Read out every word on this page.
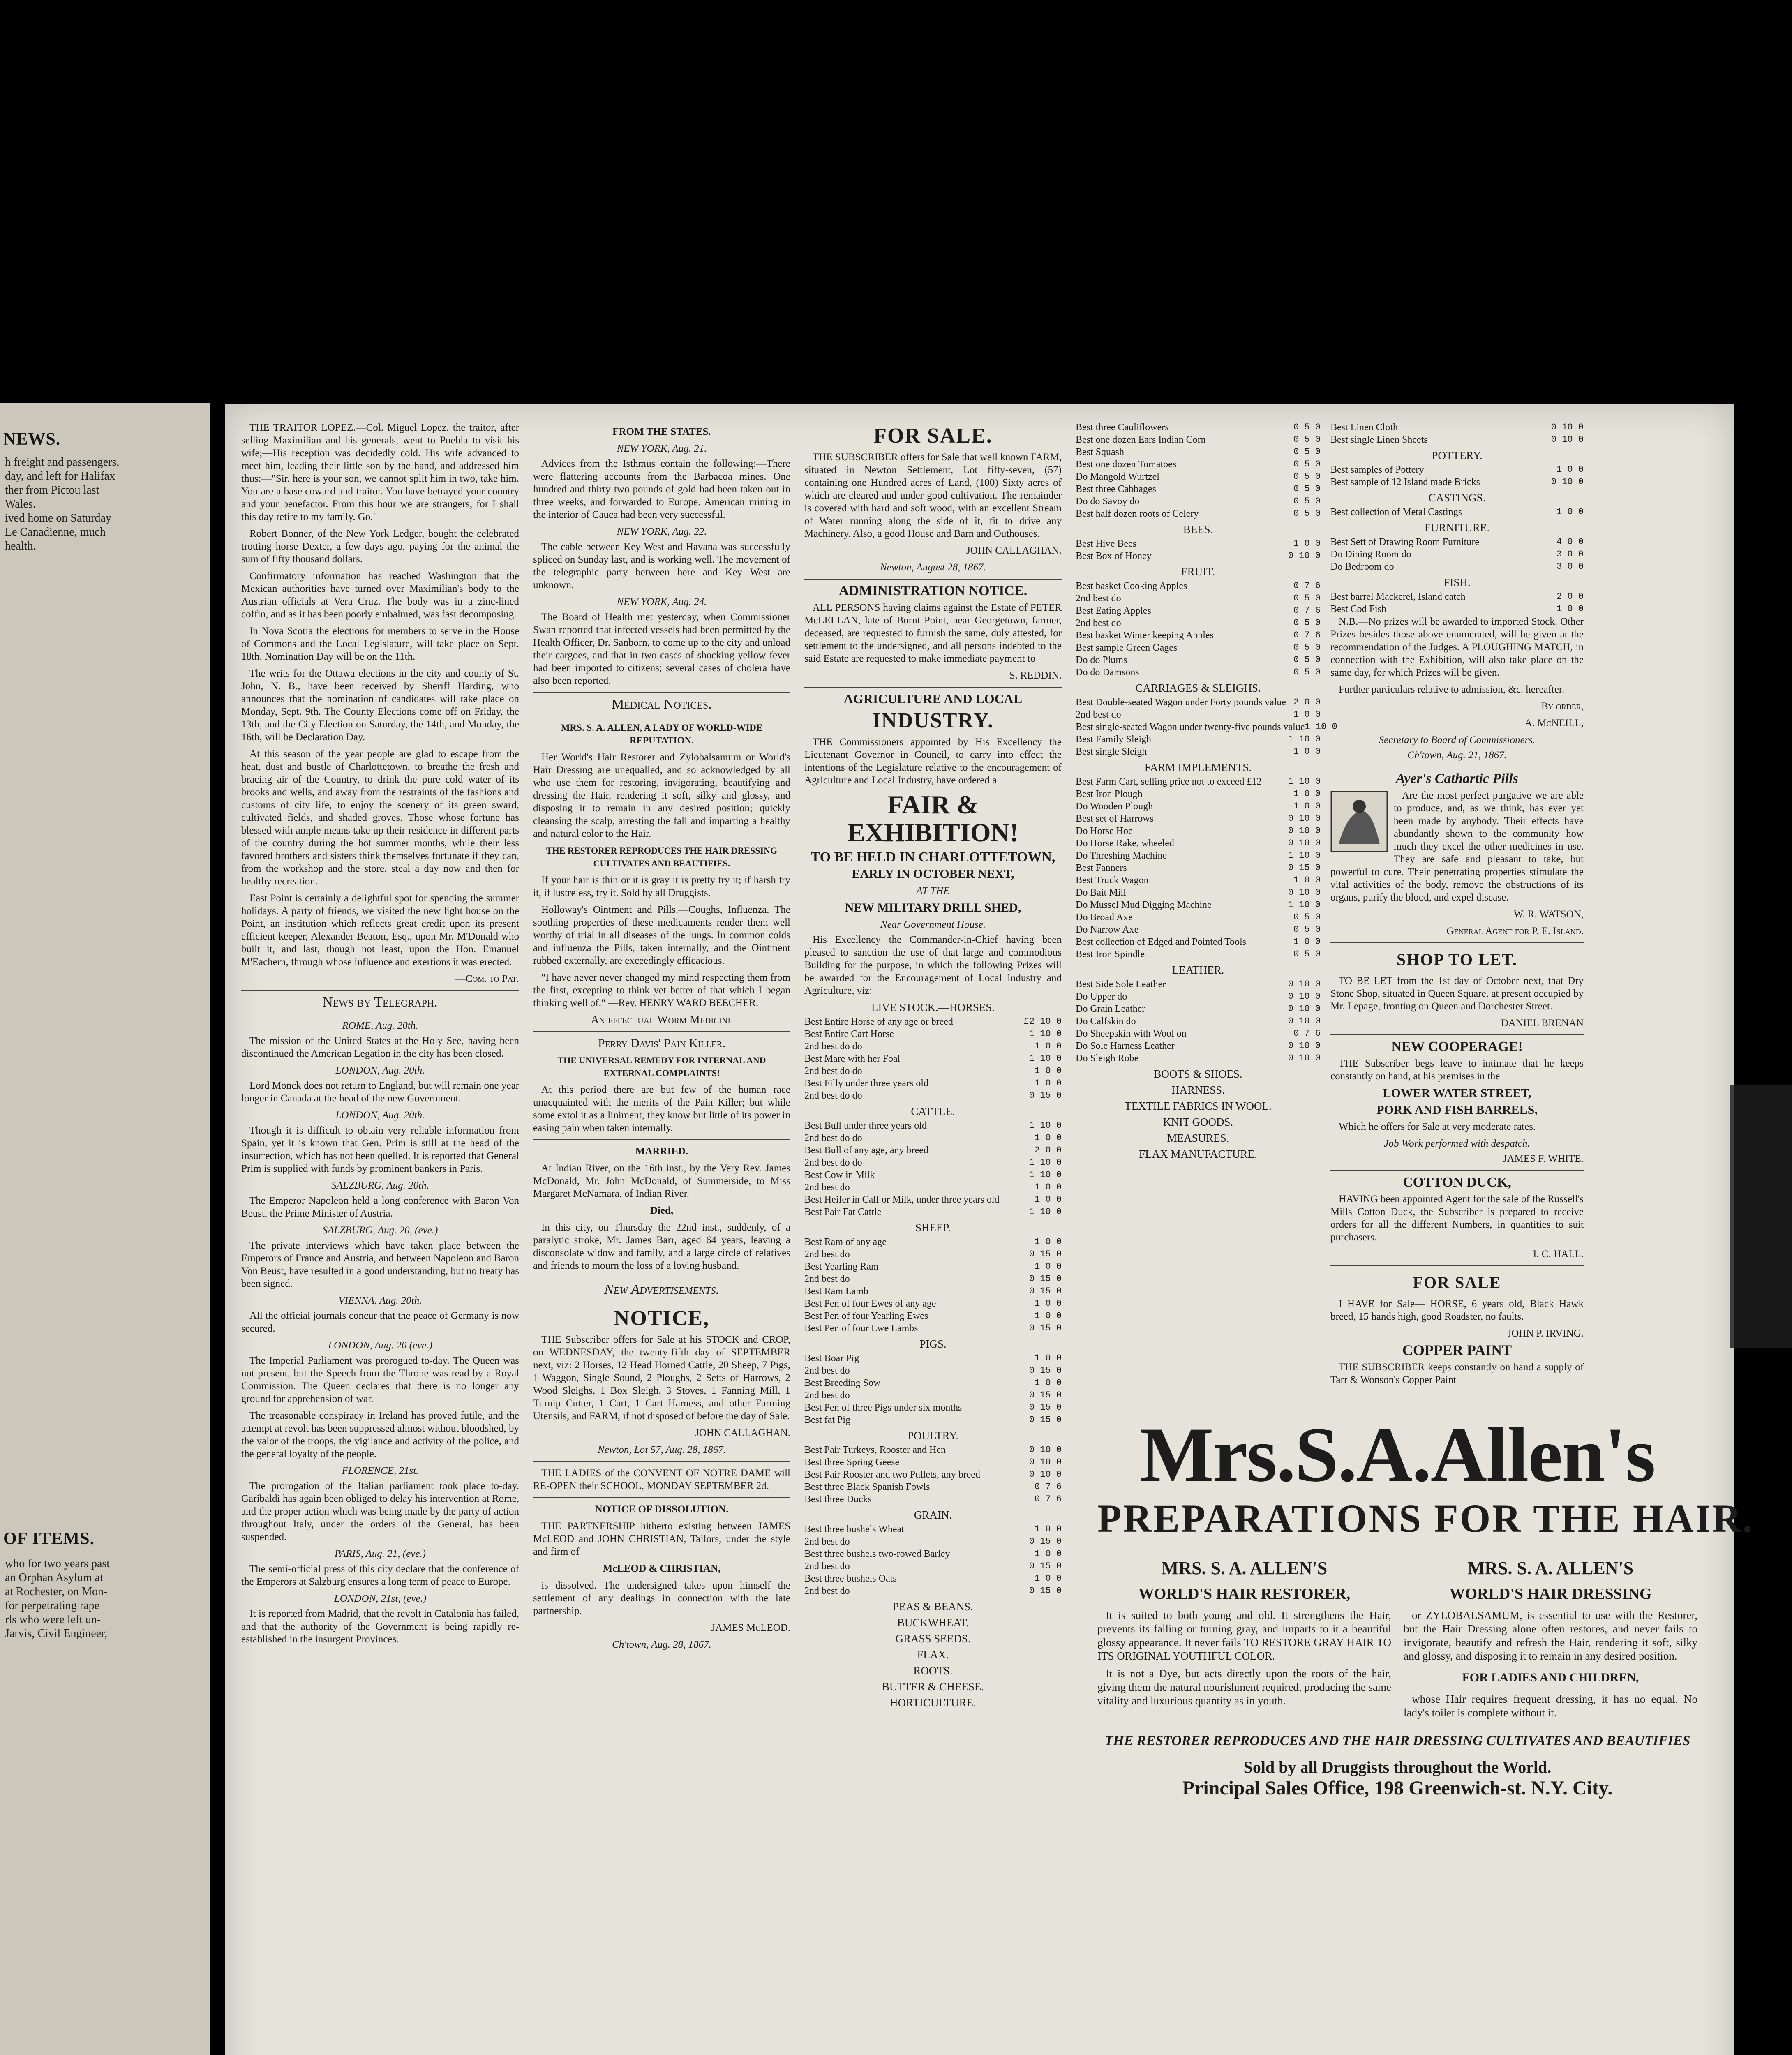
NEWS.
h freight and passengers,
day, and left for Halifax
ther from Pictou last
Wales.
ived home on Saturday
Le Canadienne, much
health.
OF ITEMS.
who for two years past
an Orphan Asylum at
at Rochester, on Mon-
for perpetrating rape
rls who were left un-
Jarvis, Civil Engineer,

THE TRAITOR LOPEZ.—Col. Miguel Lopez, the traitor, after selling Maximilian and his generals, went to Puebla to visit his wife;—His reception was decidedly cold. His wife advanced to meet him, leading their little son by the hand, and addressed him thus:—"Sir, here is your son, we cannot split him in two, take him. You are a base coward and traitor. You have betrayed your country and your benefactor. From this hour we are strangers, for I shall this day retire to my family. Go."

Robert Bonner, of the New York Ledger, bought the celebrated trotting horse Dexter, a few days ago, paying for the animal the sum of fifty thousand dollars.

Confirmatory information has reached Washington that the Mexican authorities have turned over Maximilian's body to the Austrian officials at Vera Cruz. The body was in a zinc-lined coffin, and as it has been poorly embalmed, was fast decomposing.

In Nova Scotia the elections for members to serve in the House of Commons and the Local Legislature, will take place on Sept. 18th. Nomination Day will be on the 11th.

The writs for the Ottawa elections in the city and county of St. John, N. B., have been received by Sheriff Harding, who announces that the nomination of candidates will take place on Monday, Sept. 9th. The County Elections come off on Friday, the 13th, and the City Election on Saturday, the 14th, and Monday, the 16th, will be Declaration Day.

At this season of the year people are glad to escape from the heat, dust and bustle of Charlottetown, to breathe the fresh and bracing air of the Country, to drink the pure cold water of its brooks and wells, and away from the restraints of the fashions and customs of city life, to enjoy the scenery of its green sward, cultivated fields, and shaded groves. Those whose fortune has blessed with ample means take up their residence in different parts of the country during the hot summer months, while their less favored brothers and sisters think themselves fortunate if they can, from the workshop and the store, steal a day now and then for healthy recreation.

East Point is certainly a delightful spot for spending the summer holidays. A party of friends, we visited the new light house on the Point, an institution which reflects great credit upon its present efficient keeper, Alexander Beaton, Esq., upon Mr. M'Donald who built it, and last, though not least, upon the Hon. Emanuel M'Eachern, through whose influence and exertions it was erected.

—Com. to Pat.
News by Telegraph.
ROME, Aug. 20th.

The mission of the United States at the Holy See, having been discontinued the American Legation in the city has been closed.

LONDON, Aug. 20th.

Lord Monck does not return to England, but will remain one year longer in Canada at the head of the new Government.

LONDON, Aug. 20th.

Though it is difficult to obtain very reliable information from Spain, yet it is known that Gen. Prim is still at the head of the insurrection, which has not been quelled. It is reported that General Prim is supplied with funds by prominent bankers in Paris.

SALZBURG, Aug. 20th.

The Emperor Napoleon held a long conference with Baron Von Beust, the Prime Minister of Austria.

SALZBURG, Aug. 20, (eve.)

The private interviews which have taken place between the Emperors of France and Austria, and between Napoleon and Baron Von Beust, have resulted in a good understanding, but no treaty has been signed.

VIENNA, Aug. 20th.

All the official journals concur that the peace of Germany is now secured.

LONDON, Aug. 20 (eve.)

The Imperial Parliament was prorogued to-day. The Queen was not present, but the Speech from the Throne was read by a Royal Commission. The Queen declares that there is no longer any ground for apprehension of war.

The treasonable conspiracy in Ireland has proved futile, and the attempt at revolt has been suppressed almost without bloodshed, by the valor of the troops, the vigilance and activity of the police, and the general loyalty of the people.

FLORENCE, 21st.

The prorogation of the Italian parliament took place to-day. Garibaldi has again been obliged to delay his intervention at Rome, and the proper action which was being made by the party of action throughout Italy, under the orders of the General, has been suspended.

PARIS, Aug. 21, (eve.)

The semi-official press of this city declare that the conference of the Emperors at Salzburg ensures a long term of peace to Europe.

LONDON, 21st, (eve.)

It is reported from Madrid, that the revolt in Catalonia has failed, and that the authority of the Government is being rapidly re-established in the insurgent Provinces.

FROM THE STATES.
NEW YORK, Aug. 21.

Advices from the Isthmus contain the following:—There were flattering accounts from the Barbacoa mines. One hundred and thirty-two pounds of gold had been taken out in three weeks, and forwarded to Europe. American mining in the interior of Cauca had been very successful.

NEW YORK, Aug. 22.

The cable between Key West and Havana was successfully spliced on Sunday last, and is working well. The movement of the telegraphic party between here and Key West are unknown.

NEW YORK, Aug. 24.

The Board of Health met yesterday, when Commissioner Swan reported that infected vessels had been permitted by the Health Officer, Dr. Sanborn, to come up to the city and unload their cargoes, and that in two cases of shocking yellow fever had been imported to citizens; several cases of cholera have also been reported.

Medical Notices.
MRS. S. A. ALLEN, A LADY OF WORLD-WIDE REPUTATION.

Her World's Hair Restorer and Zylobalsamum or World's Hair Dressing are unequalled, and so acknowledged by all who use them for restoring, invigorating, beautifying and dressing the Hair, rendering it soft, silky and glossy, and disposing it to remain in any desired position; quickly cleansing the scalp, arresting the fall and imparting a healthy and natural color to the Hair.

THE RESTORER REPRODUCES THE HAIR DRESSING CULTIVATES AND BEAUTIFIES.

If your hair is thin or it is gray it is pretty try it; if harsh try it, if lustreless, try it. Sold by all Druggists.

Holloway's Ointment and Pills.—Coughs, Influenza. The soothing properties of these medicaments render them well worthy of trial in all diseases of the lungs. In common colds and influenza the Pills, taken internally, and the Ointment rubbed externally, are exceedingly efficacious.

"I have never never changed my mind respecting them from the first, excepting to think yet better of that which I began thinking well of." —Rev. HENRY WARD BEECHER.

An effectual Worm Medicine
Perry Davis' Pain Killer.
THE UNIVERSAL REMEDY FOR INTERNAL AND EXTERNAL COMPLAINTS!

At this period there are but few of the human race unacquainted with the merits of the Pain Killer; but while some extol it as a liniment, they know but little of its power in easing pain when taken internally.

MARRIED.

At Indian River, on the 16th inst., by the Very Rev. James McDonald, Mr. John McDonald, of Summerside, to Miss Margaret McNamara, of Indian River.

Died,

In this city, on Thursday the 22nd inst., suddenly, of a paralytic stroke, Mr. James Barr, aged 64 years, leaving a disconsolate widow and family, and a large circle of relatives and friends to mourn the loss of a loving husband.

New Advertisements.
NOTICE,

THE Subscriber offers for Sale at his STOCK and CROP, on WEDNESDAY, the twenty-fifth day of SEPTEMBER next, viz: 2 Horses, 12 Head Horned Cattle, 20 Sheep, 7 Pigs, 1 Waggon, Single Sound, 2 Ploughs, 2 Setts of Harrows, 2 Wood Sleighs, 1 Box Sleigh, 3 Stoves, 1 Fanning Mill, 1 Turnip Cutter, 1 Cart, 1 Cart Harness, and other Farming Utensils, and FARM, if not disposed of before the day of Sale.

JOHN CALLAGHAN.
Newton, Lot 57, Aug. 28, 1867.

THE LADIES of the CONVENT OF NOTRE DAME will RE-OPEN their SCHOOL, MONDAY SEPTEMBER 2d.

NOTICE OF DISSOLUTION.

THE PARTNERSHIP hitherto existing between JAMES McLEOD and JOHN CHRISTIAN, Tailors, under the style and firm of

McLEOD & CHRISTIAN,

is dissolved. The undersigned takes upon himself the settlement of any dealings in connection with the late partnership.

JAMES McLEOD.
Ch'town, Aug. 28, 1867.
FOR SALE.

THE SUBSCRIBER offers for Sale that well known FARM, situated in Newton Settlement, Lot fifty-seven, (57) containing one Hundred acres of Land, (100) Sixty acres of which are cleared and under good cultivation. The remainder is covered with hard and soft wood, with an excellent Stream of Water running along the side of it, fit to drive any Machinery. Also, a good House and Barn and Outhouses.

JOHN CALLAGHAN.
Newton, August 28, 1867.
ADMINISTRATION NOTICE.

ALL PERSONS having claims against the Estate of PETER McLELLAN, late of Burnt Point, near Georgetown, farmer, deceased, are requested to furnish the same, duly attested, for settlement to the undersigned, and all persons indebted to the said Estate are requested to make immediate payment to

S. REDDIN.
AGRICULTURE AND LOCAL
INDUSTRY.

THE Commissioners appointed by His Excellency the Lieutenant Governor in Council, to carry into effect the intentions of the Legislature relative to the encouragement of Agriculture and Local Industry, have ordered a

FAIR & EXHIBITION!
TO BE HELD IN CHARLOTTETOWN,
EARLY IN OCTOBER NEXT,
AT THE
NEW MILITARY DRILL SHED,
Near Government House.

His Excellency the Commander-in-Chief having been pleased to sanction the use of that large and commodious Building for the purpose, in which the following Prizes will be awarded for the Encouragement of Local Industry and Agriculture, viz:

LIVE STOCK.—HORSES.
Best Entire Horse of any age or breed	£2 10 0
Best Entire Cart Horse	1 10 0
2nd best do do	1 0 0
Best Mare with her Foal	1 10 0
2nd best do do	1 0 0
Best Filly under three years old	1 0 0
2nd best do do	0 15 0
CATTLE.
Best Bull under three years old	1 10 0
2nd best do do	1 0 0
Best Bull of any age, any breed	2 0 0
2nd best do do	1 10 0
Best Cow in Milk	1 10 0
2nd best do	1 0 0
Best Heifer in Calf or Milk, under three years old	1 0 0
Best Pair Fat Cattle	1 10 0
SHEEP.
Best Ram of any age	1 0 0
2nd best do	0 15 0
Best Yearling Ram	1 0 0
2nd best do	0 15 0
Best Ram Lamb	0 15 0
Best Pen of four Ewes of any age	1 0 0
Best Pen of four Yearling Ewes	1 0 0
Best Pen of four Ewe Lambs	0 15 0
PIGS.
Best Boar Pig	1 0 0
2nd best do	0 15 0
Best Breeding Sow	1 0 0
2nd best do	0 15 0
Best Pen of three Pigs under six months	0 15 0
Best fat Pig	0 15 0
POULTRY.
Best Pair Turkeys, Rooster and Hen	0 10 0
Best three Spring Geese	0 10 0
Best Pair Rooster and two Pullets, any breed	0 10 0
Best three Black Spanish Fowls	0 7 6
Best three Ducks	0 7 6
GRAIN.
Best three bushels Wheat	1 0 0
2nd best do	0 15 0
Best three bushels two-rowed Barley	1 0 0
2nd best do	0 15 0
Best three bushels Oats	1 0 0
2nd best do	0 15 0
PEAS & BEANS.
BUCKWHEAT.
GRASS SEEDS.
FLAX.
ROOTS.
BUTTER & CHEESE.
HORTICULTURE.
Best three Cauliflowers	0 5 0
Best one dozen Ears Indian Corn	0 5 0
Best Squash	0 5 0
Best one dozen Tomatoes	0 5 0
Do Mangold Wurtzel	0 5 0
Best three Cabbages	0 5 0
Do do Savoy do	0 5 0
Best half dozen roots of Celery	0 5 0
BEES.
Best Hive Bees	1 0 0
Best Box of Honey	0 10 0
FRUIT.
Best basket Cooking Apples	0 7 6
2nd best do	0 5 0
Best Eating Apples	0 7 6
2nd best do	0 5 0
Best basket Winter keeping Apples	0 7 6
Best sample Green Gages	0 5 0
Do do Plums	0 5 0
Do do Damsons	0 5 0
CARRIAGES & SLEIGHS.
Best Double-seated Wagon under Forty pounds value 2 0 0
2nd best do	1 0 0
Best single-seated Wagon under twenty-five pounds value 1 10 0
Best Family Sleigh	1 10 0
Best single Sleigh	1 0 0
FARM IMPLEMENTS.
Best Farm Cart, selling price not to exceed £12	1 10 0
Best Iron Plough	1 0 0
Do Wooden Plough	1 0 0
Best set of Harrows	0 10 0
Do Horse Hoe	0 10 0
Do Horse Rake, wheeled	0 10 0
Do Threshing Machine	1 10 0
Best Fanners	0 15 0
Best Truck Wagon	1 0 0
Do Bait Mill	0 10 0
Do Mussel Mud Digging Machine	1 10 0
Do Broad Axe	0 5 0
Do Narrow Axe	0 5 0
Best collection of Edged and Pointed Tools	1 0 0
Best Iron Spindle	0 5 0
LEATHER.
Best Side Sole Leather	0 10 0
Do Upper do	0 10 0
Do Grain Leather	0 10 0
Do Calfskin do	0 10 0
Do Sheepskin with Wool on	0 7 6
Do Sole Harness Leather	0 10 0
Do Sleigh Robe	0 10 0
BOOTS & SHOES.
HARNESS.
TEXTILE FABRICS IN WOOL.
KNIT GOODS.
MEASURES.
FLAX MANUFACTURE.
Best Linen Cloth	0 10 0
Best single Linen Sheets	0 10 0
POTTERY.
Best samples of Pottery	1 0 0
Best sample of 12 Island made Bricks	0 10 0
CASTINGS.
Best collection of Metal Castings	1 0 0
FURNITURE.
Best Sett of Drawing Room Furniture	4 0 0
Do Dining Room do	3 0 0
Do Bedroom do	3 0 0
FISH.
Best barrel Mackerel, Island catch	2 0 0
Best Cod Fish	1 0 0

N.B.—No prizes will be awarded to imported Stock. Other Prizes besides those above enumerated, will be given at the recommendation of the Judges. A PLOUGHING MATCH, in connection with the Exhibition, will also take place on the same day, for which Prizes will be given.

Further particulars relative to admission, &c. hereafter.

By order,
A. McNEILL,
Secretary to Board of Commissioners.
Ch'town, Aug. 21, 1867.
Ayer's Cathartic Pills

Are the most perfect purgative we are able to produce, and, as we think, has ever yet been made by anybody. Their effects have abundantly shown to the community how much they excel the other medicines in use. They are safe and pleasant to take, but powerful to cure. Their penetrating properties stimulate the vital activities of the body, remove the obstructions of its organs, purify the blood, and expel disease.

W. R. WATSON,
General Agent for P. E. Island.
SHOP TO LET.

TO BE LET from the 1st day of October next, that Dry Stone Shop, situated in Queen Square, at present occupied by Mr. Lepage, fronting on Queen and Dorchester Street.

DANIEL BRENAN
NEW COOPERAGE!

THE Subscriber begs leave to intimate that he keeps constantly on hand, at his premises in the

LOWER WATER STREET,
PORK AND FISH BARRELS,

Which he offers for Sale at very moderate rates.

Job Work performed with despatch.
JAMES F. WHITE.
COTTON DUCK,

HAVING been appointed Agent for the sale of the Russell's Mills Cotton Duck, the Subscriber is prepared to receive orders for all the different Numbers, in quantities to suit purchasers.

I. C. HALL.
FOR SALE

I HAVE for Sale— HORSE, 6 years old, Black Hawk breed, 15 hands high, good Roadster, no faults.

JOHN P. IRVING.
COPPER PAINT

THE SUBSCRIBER keeps constantly on hand a supply of Tarr & Wonson's Copper Paint

Mrs.S.A.Allen's
PREPARATIONS FOR THE HAIR.
MRS. S. A. ALLEN'S
WORLD'S HAIR RESTORER,

It is suited to both young and old. It strengthens the Hair, prevents its falling or turning gray, and imparts to it a beautiful glossy appearance. It never fails TO RESTORE GRAY HAIR TO ITS ORIGINAL YOUTHFUL COLOR.

It is not a Dye, but acts directly upon the roots of the hair, giving them the natural nourishment required, producing the same vitality and luxurious quantity as in youth.

MRS. S. A. ALLEN'S
WORLD'S HAIR DRESSING

or ZYLOBALSAMUM, is essential to use with the Restorer, but the Hair Dressing alone often restores, and never fails to invigorate, beautify and refresh the Hair, rendering it soft, silky and glossy, and disposing it to remain in any desired position.

FOR LADIES AND CHILDREN,

whose Hair requires frequent dressing, it has no equal. No lady's toilet is complete without it.

THE RESTORER REPRODUCES AND THE HAIR DRESSING CULTIVATES AND BEAUTIFIES
Sold by all Druggists throughout the World.
Principal Sales Office, 198 Greenwich-st. N.Y. City.
